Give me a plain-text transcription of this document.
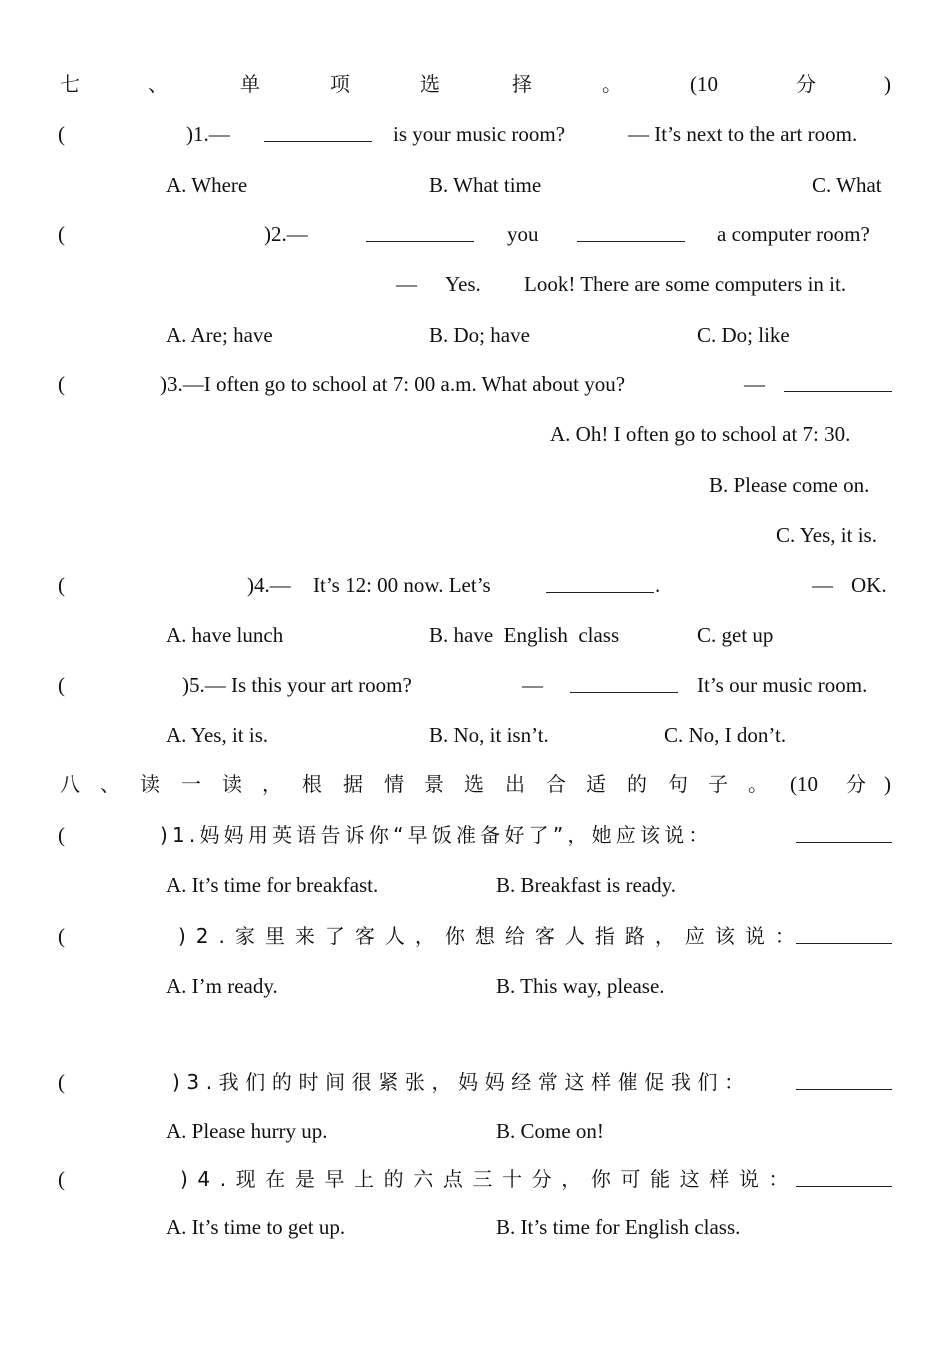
七	、	单	项	选	择	。	(10	分	)
(	)1.—	is your music room?	— It’s next to the art room.
A. Where	B. What time	C. What
(	)2.—	you	a computer room?
— Yes. Look! There are some computers in it.
A. Are; have	B. Do; have	C. Do; like
(	)3.—I often go to school at 7: 00 a.m. What about you?	—
A. Oh! I often go to school at 7: 30.
B. Please come on.
C. Yes, it is.
(	)4.— It’s 12: 00 now. Let’s	.	— OK.
A. have lunch	B. have  English  class	C. get up
(	)5.— Is this your art room?	—	It’s our music room.
A. Yes, it is.	B. No, it isn’t.	C. No, I don’t.
八 、 读 一 读 ， 根 据 情 景 选 出 合 适 的 句 子 。 (10 分 )
(	)1.妈妈用英语告诉你“早饭准备好了”，她应该说：
A. It’s time for breakfast.	B. Breakfast is ready.
(	)2.家里来了客人，你想给客人指路，应该说：
A. I’m ready.	B. This way, please.
(	)3.我们的时间很紧张，妈妈经常这样催促我们：
A. Please hurry up.	B. Come on!
(	)4.现在是早上的六点三十分，你可能这样说：
A. It’s time to get up.	B. It’s time for English class.
